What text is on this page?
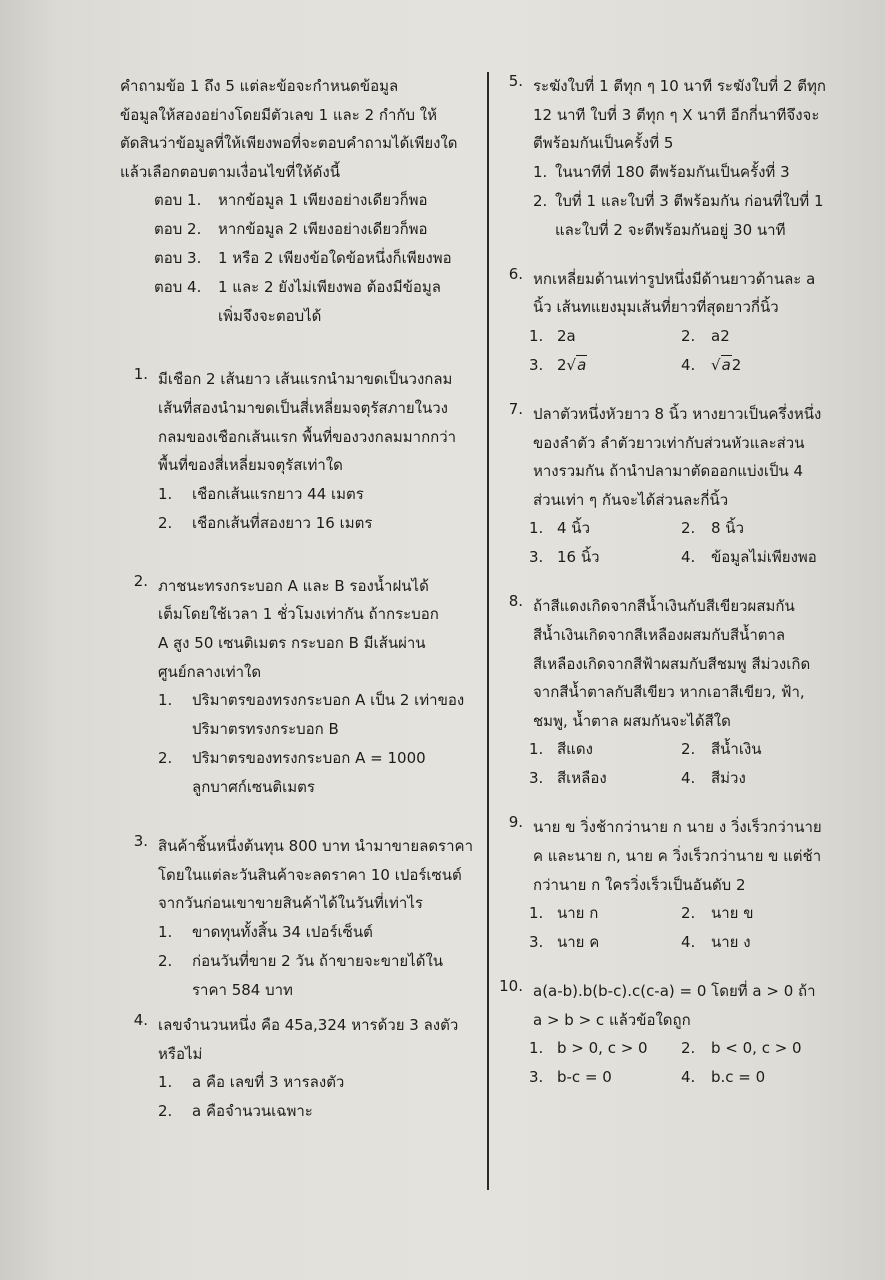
คำถามข้อ 1 ถึง 5 แต่ละข้อจะกำหนดข้อมูล
ข้อมูลให้สองอย่างโดยมีตัวเลข 1 และ 2 กำกับ ให้
ตัดสินว่าข้อมูลที่ให้เพียงพอที่จะตอบคำถามได้เพียงใด
แล้วเลือกตอบตามเงื่อนไขที่ให้ดังนี้
ตอบ 1. หากข้อมูล 1 เพียงอย่างเดียวก็พอ
ตอบ 2. หากข้อมูล 2 เพียงอย่างเดียวก็พอ
ตอบ 3. 1 หรือ 2 เพียงข้อใดข้อหนึ่งก็เพียงพอ
ตอบ 4. 1 และ 2 ยังไม่เพียงพอ ต้องมีข้อมูล
เพิ่มจึงจะตอบได้
1. มีเชือก 2 เส้นยาว เส้นแรกนำมาขดเป็นวงกลม
เส้นที่สองนำมาขดเป็นสี่เหลี่ยมจตุรัสภายในวง
กลมของเชือกเส้นแรก พื้นที่ของวงกลมมากกว่า
พื้นที่ของสี่เหลี่ยมจตุรัสเท่าใด
1. เชือกเส้นแรกยาว 44 เมตร
2. เชือกเส้นที่สองยาว 16 เมตร
2. ภาชนะทรงกระบอก A และ B รองน้ำฝนได้
เต็มโดยใช้เวลา 1 ชั่วโมงเท่ากัน ถ้ากระบอก
A สูง 50 เซนติเมตร กระบอก B มีเส้นผ่าน
ศูนย์กลางเท่าใด
1. ปริมาตรของทรงกระบอก A เป็น 2 เท่าของ
ปริมาตรทรงกระบอก B
2. ปริมาตรของทรงกระบอก A = 1000
ลูกบาศก์เซนติเมตร
3. สินค้าชิ้นหนึ่งต้นทุน 800 บาท นำมาขายลดราคา
โดยในแต่ละวันสินค้าจะลดราคา 10 เปอร์เซนต์
จากวันก่อนเขาขายสินค้าได้ในวันที่เท่าไร
1. ขาดทุนทั้งสิ้น 34 เปอร์เซ็นต์
2. ก่อนวันที่ขาย 2 วัน ถ้าขายจะขายได้ใน
ราคา 584 บาท
4. เลขจำนวนหนึ่ง คือ 45a,324 หารด้วย 3 ลงตัว
หรือไม่
1. a คือ เลขที่ 3 หารลงตัว
2. a คือจำนวนเฉพาะ
5. ระฆังใบที่ 1 ตีทุก ๆ 10 นาที ระฆังใบที่ 2 ตีทุก
12 นาที ใบที่ 3 ตีทุก ๆ X นาที อีกกี่นาทีจึงจะ
ตีพร้อมกันเป็นครั้งที่ 5
1. ในนาทีที่ 180 ตีพร้อมกันเป็นครั้งที่ 3
2. ใบที่ 1 และใบที่ 3 ตีพร้อมกัน ก่อนที่ใบที่ 1
และใบที่ 2 จะตีพร้อมกันอยู่ 30 นาที
6. หกเหลี่ยมด้านเท่ารูปหนึ่งมีด้านยาวด้านละ a
นิ้ว เส้นทแยงมุมเส้นที่ยาวที่สุดยาวกี่นิ้ว
1. 2a	2. a2
3. 2√a	4. √a2
7. ปลาตัวหนึ่งหัวยาว 8 นิ้ว หางยาวเป็นครึ่งหนึ่ง
ของลำตัว ลำตัวยาวเท่ากับส่วนหัวและส่วน
หางรวมกัน ถ้านำปลามาตัดออกแบ่งเป็น 4
ส่วนเท่า ๆ กันจะได้ส่วนละกี่นิ้ว
1. 4 นิ้ว	2. 8 นิ้ว
3. 16 นิ้ว	4. ข้อมูลไม่เพียงพอ
8. ถ้าสีแดงเกิดจากสีน้ำเงินกับสีเขียวผสมกัน
สีน้ำเงินเกิดจากสีเหลืองผสมกับสีน้ำตาล
สีเหลืองเกิดจากสีฟ้าผสมกับสีชมพู สีม่วงเกิด
จากสีน้ำตาลกับสีเขียว หากเอาสีเขียว, ฟ้า,
ชมพู, น้ำตาล ผสมกันจะได้สีใด
1. สีแดง	2. สีน้ำเงิน
3. สีเหลือง	4. สีม่วง
9. นาย ข วิ่งช้ากว่านาย ก นาย ง วิ่งเร็วกว่านาย
ค และนาย ก, นาย ค วิ่งเร็วกว่านาย ข แต่ช้า
กว่านาย ก ใครวิ่งเร็วเป็นอันดับ 2
1. นาย ก	2. นาย ข
3. นาย ค	4. นาย ง
10. a(a-b).b(b-c).c(c-a) = 0 โดยที่ a > 0 ถ้า
a > b > c แล้วข้อใดถูก
1. b > 0, c > 0 2. b < 0, c > 0
3. b-c = 0	4. b.c = 0
